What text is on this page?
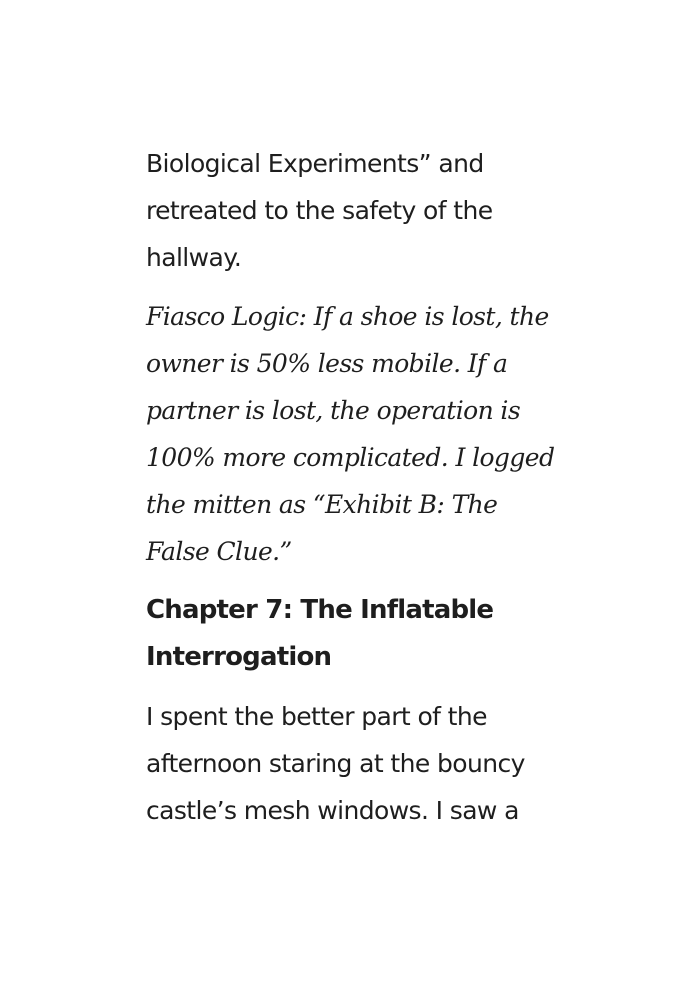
Biological Experiments” and
retreated to the safety of the
hallway.

Fiasco Logic: If a shoe is lost, the
owner is 50% less mobile. If a
partner is lost, the operation is
100% more complicated. I logged
the mitten as “Exhibit B: The
False Clue.”

Chapter 7: The Inflatable
Interrogation

I spent the better part of the
afternoon staring at the bouncy
castle’s mesh windows. I saw a
